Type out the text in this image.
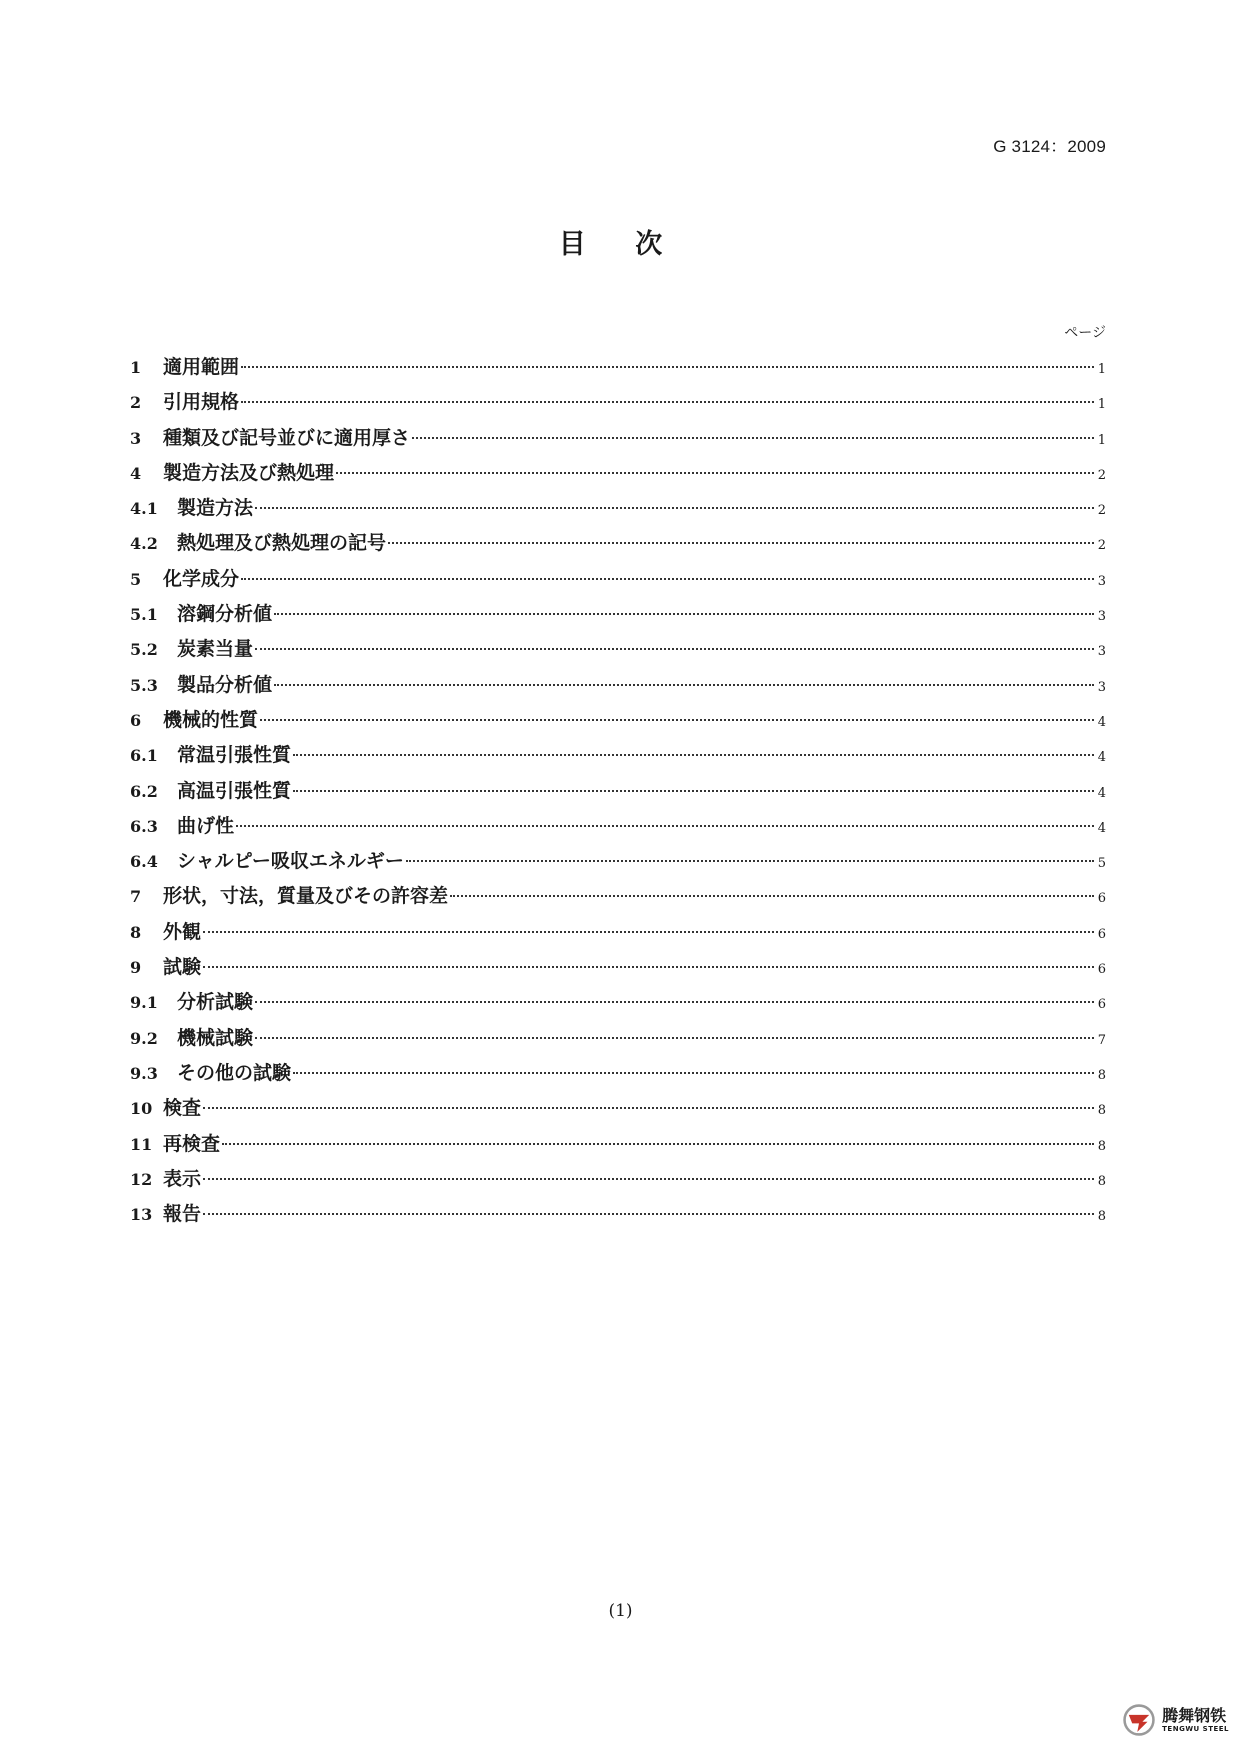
G 3124：2009
目 次
ページ
1	適用範囲	1
2	引用規格	1
3	種類及び記号並びに適用厚さ	1
4	製造方法及び熱処理	2
4.1	製造方法	2
4.2	熱処理及び熱処理の記号	2
5	化学成分	3
5.1	溶鋼分析値	3
5.2	炭素当量	3
5.3	製品分析値	3
6	機械的性質	4
6.1	常温引張性質	4
6.2	高温引張性質	4
6.3	曲げ性	4
6.4	シャルピー吸収エネルギー	5
7	形状，寸法，質量及びその許容差	6
8	外観	6
9	試験	6
9.1	分析試験	6
9.2	機械試験	7
9.3	その他の試験	8
10 検査	8
11 再検査	8
12 表示	8
13 報告	8
(1)
腾舞钢铁
TENGWU STEEL
